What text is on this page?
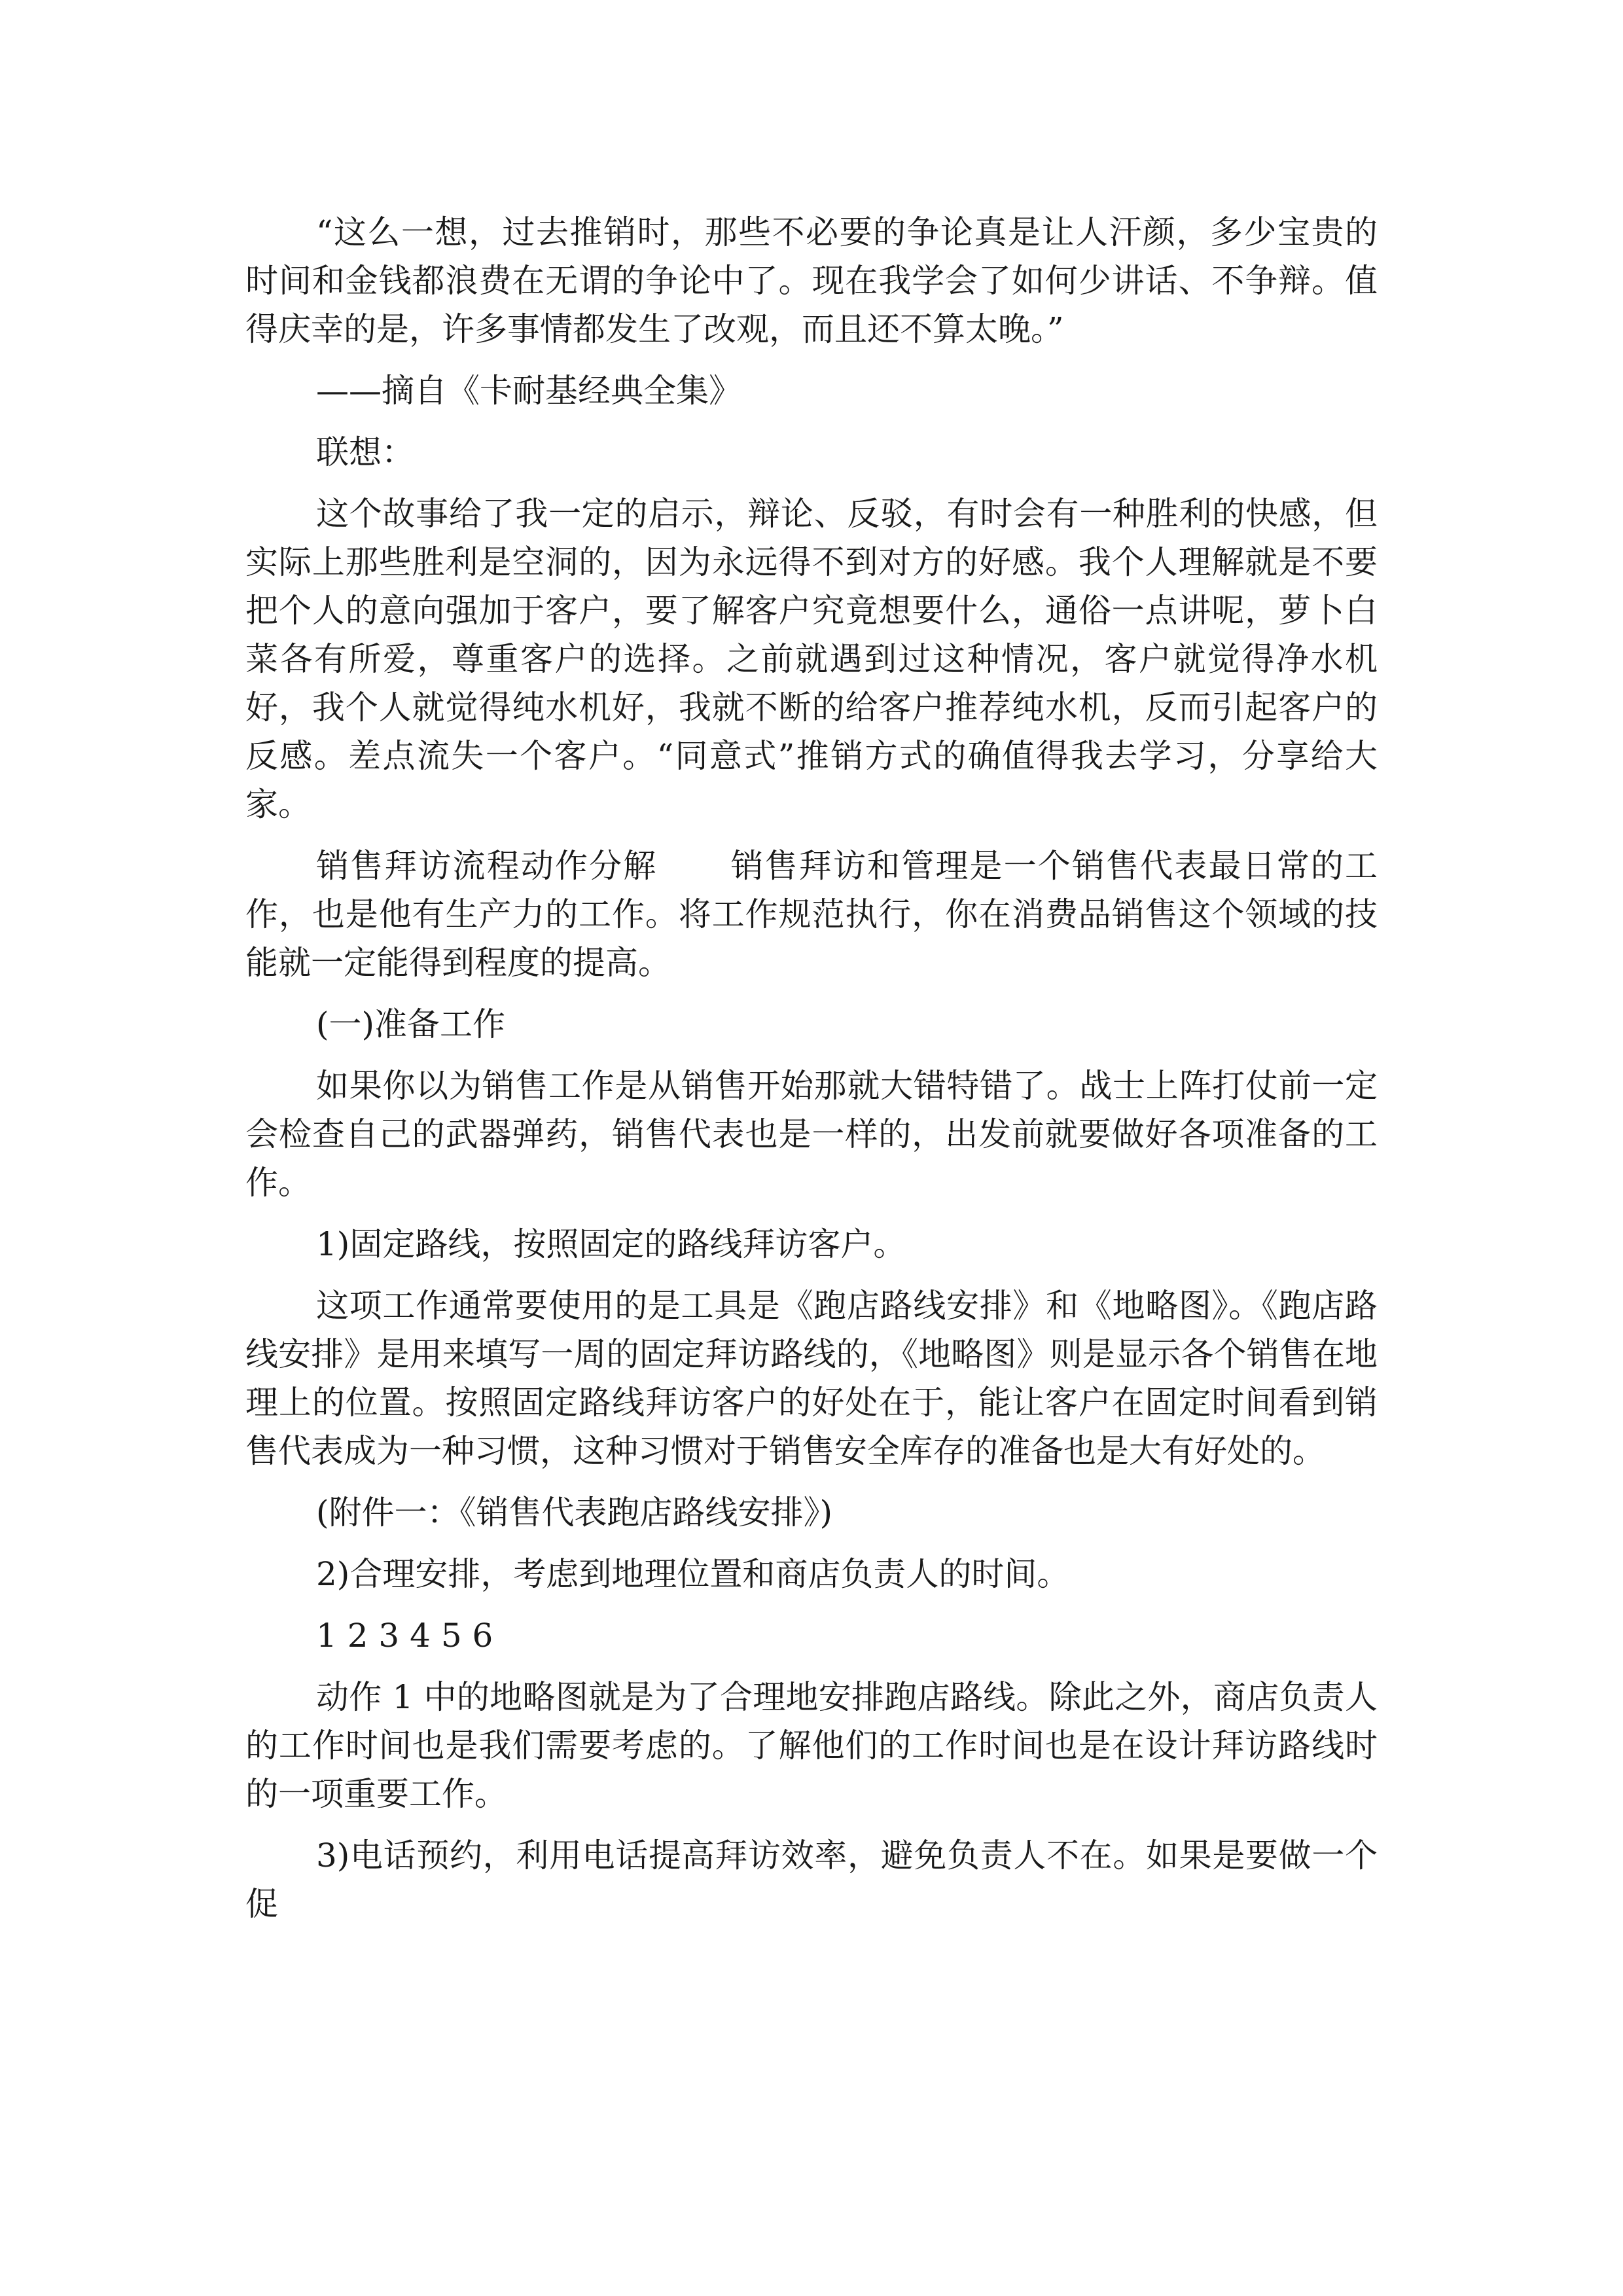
“这么一想，过去推销时，那些不必要的争论真是让人汗颜，多少宝贵的时间和金钱都浪费在无谓的争论中了。现在我学会了如何少讲话、不争辩。值得庆幸的是，许多事情都发生了改观，而且还不算太晚。”

——摘自《卡耐基经典全集》

联想：

这个故事给了我一定的启示，辩论、反驳，有时会有一种胜利的快感，但实际上那些胜利是空洞的，因为永远得不到对方的好感。我个人理解就是不要把个人的意向强加于客户，要了解客户究竟想要什么，通俗一点讲呢，萝卜白菜各有所爱，尊重客户的选择。之前就遇到过这种情况，客户就觉得净水机好，我个人就觉得纯水机好，我就不断的给客户推荐纯水机，反而引起客户的反感。差点流失一个客户。“同意式”推销方式的确值得我去学习，分享给大家。

销售拜访流程动作分解 销售拜访和管理是一个销售代表最日常的工作，也是他有生产力的工作。将工作规范执行，你在消费品销售这个领域的技能就一定能得到程度的提高。

(一)准备工作

如果你以为销售工作是从销售开始那就大错特错了。战士上阵打仗前一定会检查自己的武器弹药，销售代表也是一样的，出发前就要做好各项准备的工作。

1)固定路线，按照固定的路线拜访客户。

这项工作通常要使用的是工具是《跑店路线安排》和《地略图》。《跑店路线安排》是用来填写一周的固定拜访路线的，《地略图》则是显示各个销售在地理上的位置。按照固定路线拜访客户的好处在于，能让客户在固定时间看到销售代表成为一种习惯，这种习惯对于销售安全库存的准备也是大有好处的。

(附件一：《销售代表跑店路线安排》)

2)合理安排，考虑到地理位置和商店负责人的时间。

1 2 3 4 5 6

动作 1 中的地略图就是为了合理地安排跑店路线。除此之外，商店负责人的工作时间也是我们需要考虑的。了解他们的工作时间也是在设计拜访路线时的一项重要工作。

3)电话预约，利用电话提高拜访效率，避免负责人不在。如果是要做一个促
